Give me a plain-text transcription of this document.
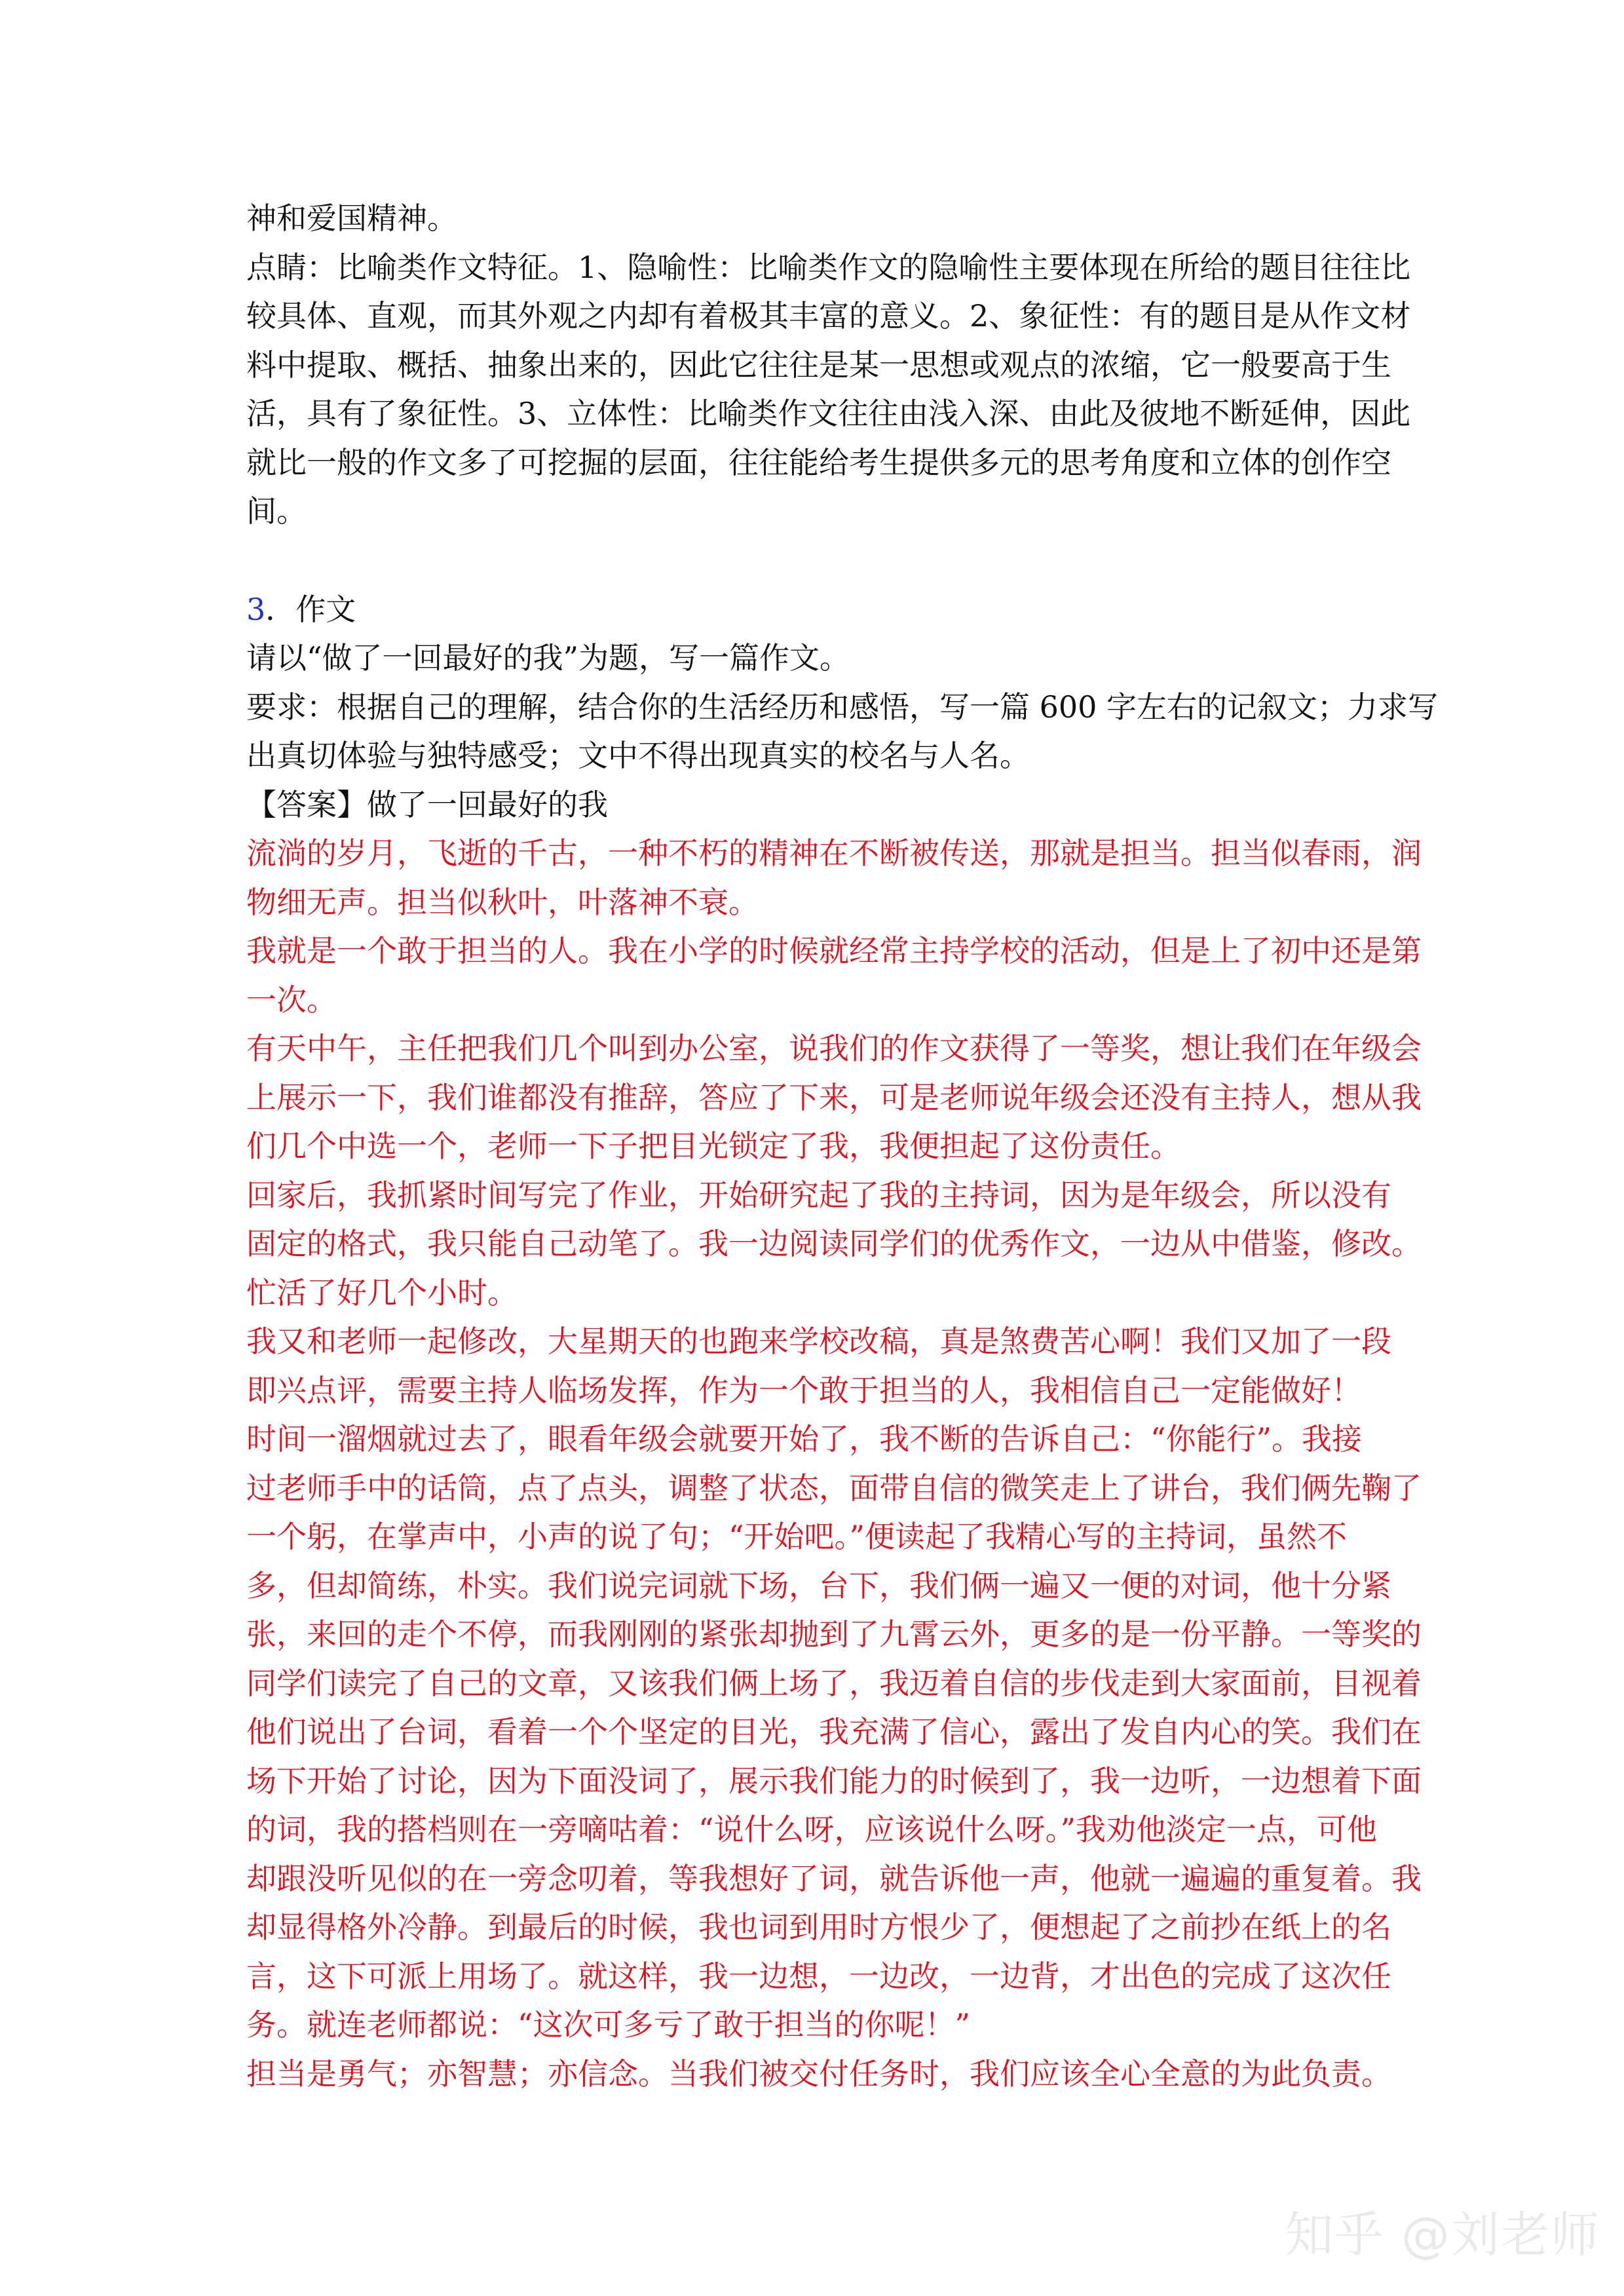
神和爱国精神。

点睛：比喻类作文特征。1、隐喻性：比喻类作文的隐喻性主要体现在所给的题目往往比

较具体、直观，而其外观之内却有着极其丰富的意义。2、象征性：有的题目是从作文材

料中提取、概括、抽象出来的，因此它往往是某一思想或观点的浓缩，它一般要高于生

活，具有了象征性。3、立体性：比喻类作文往往由浅入深、由此及彼地不断延伸，因此

就比一般的作文多了可挖掘的层面，往往能给考生提供多元的思考角度和立体的创作空

间。

3．作文

请以“做了一回最好的我”为题，写一篇作文。

要求：根据自己的理解，结合你的生活经历和感悟，写一篇 600 字左右的记叙文；力求写

出真切体验与独特感受；文中不得出现真实的校名与人名。

【答案】做了一回最好的我

流淌的岁月，飞逝的千古，一种不朽的精神在不断被传送，那就是担当。担当似春雨，润

物细无声。担当似秋叶，叶落神不衰。

我就是一个敢于担当的人。我在小学的时候就经常主持学校的活动，但是上了初中还是第

一次。

有天中午，主任把我们几个叫到办公室，说我们的作文获得了一等奖，想让我们在年级会

上展示一下，我们谁都没有推辞，答应了下来，可是老师说年级会还没有主持人，想从我

们几个中选一个，老师一下子把目光锁定了我，我便担起了这份责任。

回家后，我抓紧时间写完了作业，开始研究起了我的主持词，因为是年级会，所以没有

固定的格式，我只能自己动笔了。我一边阅读同学们的优秀作文，一边从中借鉴，修改。

忙活了好几个小时。

我又和老师一起修改，大星期天的也跑来学校改稿，真是煞费苦心啊！我们又加了一段

即兴点评，需要主持人临场发挥，作为一个敢于担当的人，我相信自己一定能做好！

时间一溜烟就过去了，眼看年级会就要开始了，我不断的告诉自己：“你能行”。我接

过老师手中的话筒，点了点头，调整了状态，面带自信的微笑走上了讲台，我们俩先鞠了

一个躬，在掌声中，小声的说了句；“开始吧。”便读起了我精心写的主持词，虽然不

多，但却简练，朴实。我们说完词就下场，台下，我们俩一遍又一便的对词，他十分紧

张，来回的走个不停，而我刚刚的紧张却抛到了九霄云外，更多的是一份平静。一等奖的

同学们读完了自己的文章，又该我们俩上场了，我迈着自信的步伐走到大家面前，目视着

他们说出了台词，看着一个个坚定的目光，我充满了信心，露出了发自内心的笑。我们在

场下开始了讨论，因为下面没词了，展示我们能力的时候到了，我一边听，一边想着下面

的词，我的搭档则在一旁嘀咕着：“说什么呀，应该说什么呀。”我劝他淡定一点，可他

却跟没听见似的在一旁念叨着，等我想好了词，就告诉他一声，他就一遍遍的重复着。我

却显得格外冷静。到最后的时候，我也词到用时方恨少了，便想起了之前抄在纸上的名

言，这下可派上用场了。就这样，我一边想，一边改，一边背，才出色的完成了这次任

务。就连老师都说：“这次可多亏了敢于担当的你呢！”

担当是勇气；亦智慧；亦信念。当我们被交付任务时，我们应该全心全意的为此负责。

知乎 @刘老师
